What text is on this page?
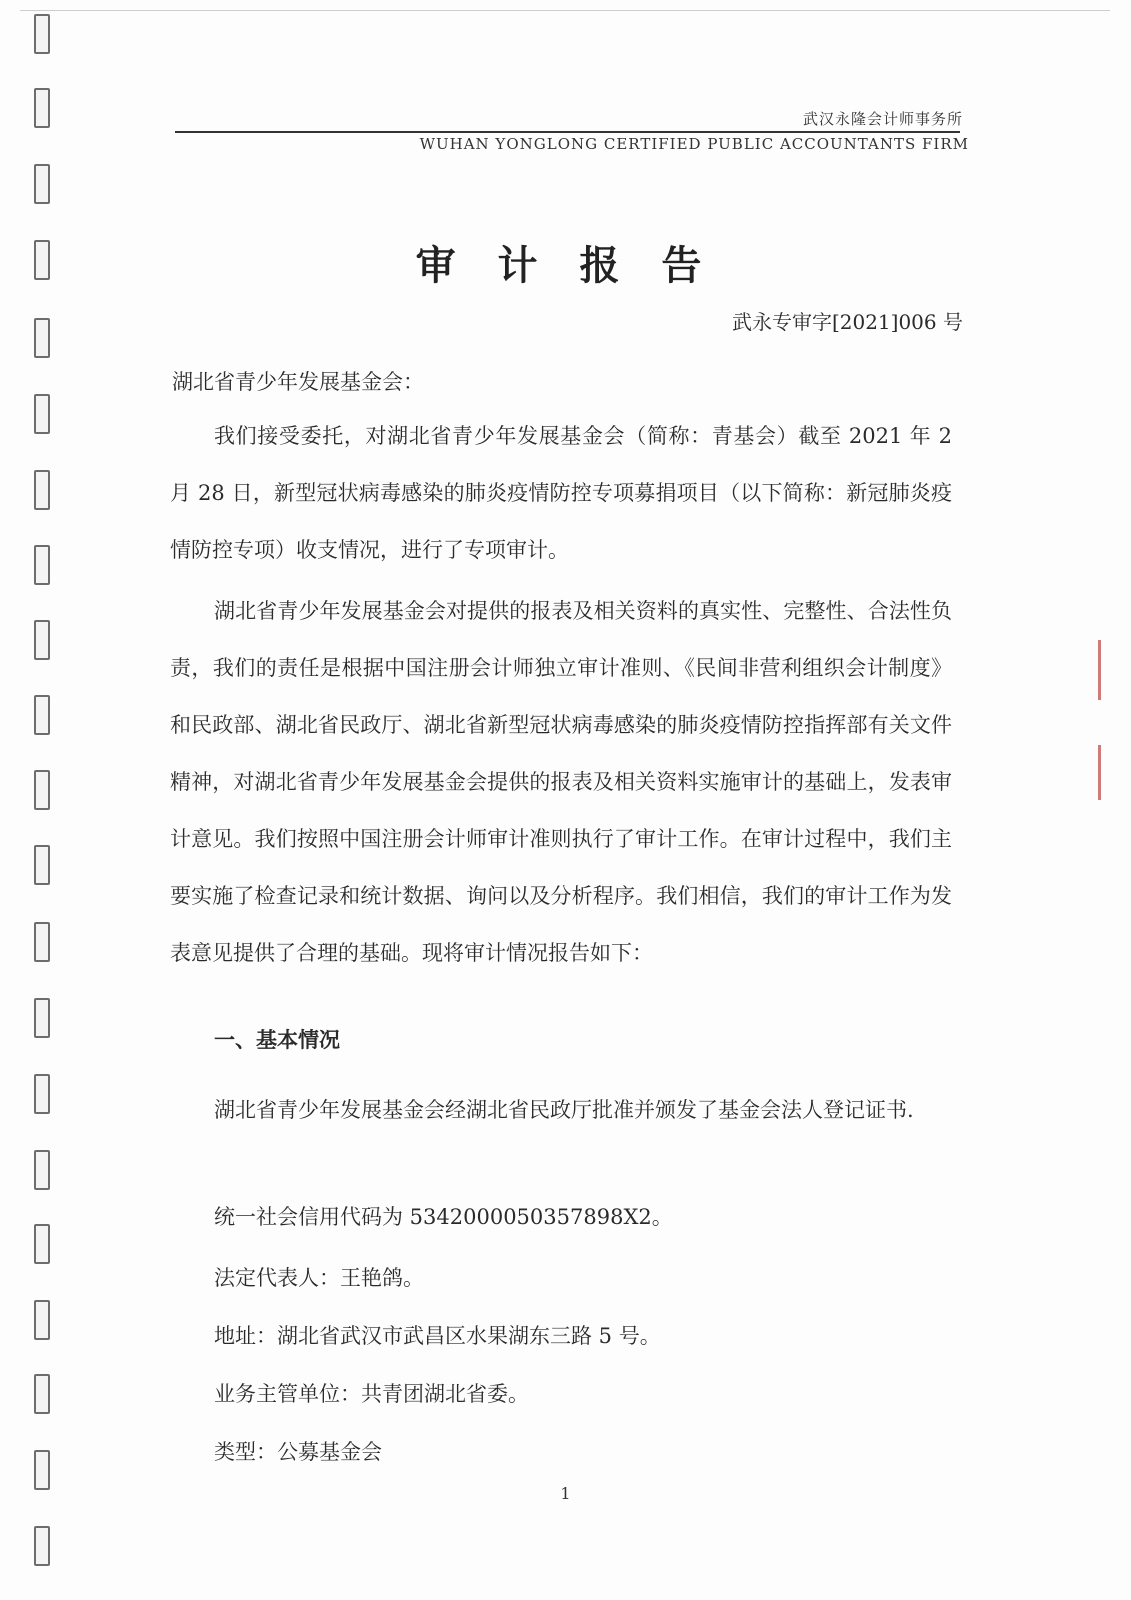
武汉永隆会计师事务所
WUHAN YONGLONG CERTIFIED PUBLIC ACCOUNTANTS FIRM
审 计 报 告
武永专审字[2021]006 号
湖北省青少年发展基金会：
我们接受委托，对湖北省青少年发展基金会（简称：青基会）截至 2021 年 2 月 28 日，新型冠状病毒感染的肺炎疫情防控专项募捐项目（以下简称：新冠肺炎疫情防控专项）收支情况，进行了专项审计。
湖北省青少年发展基金会对提供的报表及相关资料的真实性、完整性、合法性负责，我们的责任是根据中国注册会计师独立审计准则、《民间非营利组织会计制度》和民政部、湖北省民政厅、湖北省新型冠状病毒感染的肺炎疫情防控指挥部有关文件精神，对湖北省青少年发展基金会提供的报表及相关资料实施审计的基础上，发表审计意见。我们按照中国注册会计师审计准则执行了审计工作。在审计过程中，我们主要实施了检查记录和统计数据、询问以及分析程序。我们相信，我们的审计工作为发表意见提供了合理的基础。现将审计情况报告如下：
一、基本情况
湖北省青少年发展基金会经湖北省民政厅批准并颁发了基金会法人登记证书.
统一社会信用代码为 5342000050357898X2。
法定代表人：王艳鸽。
地址：湖北省武汉市武昌区水果湖东三路 5 号。
业务主管单位：共青团湖北省委。
类型：公募基金会
1
